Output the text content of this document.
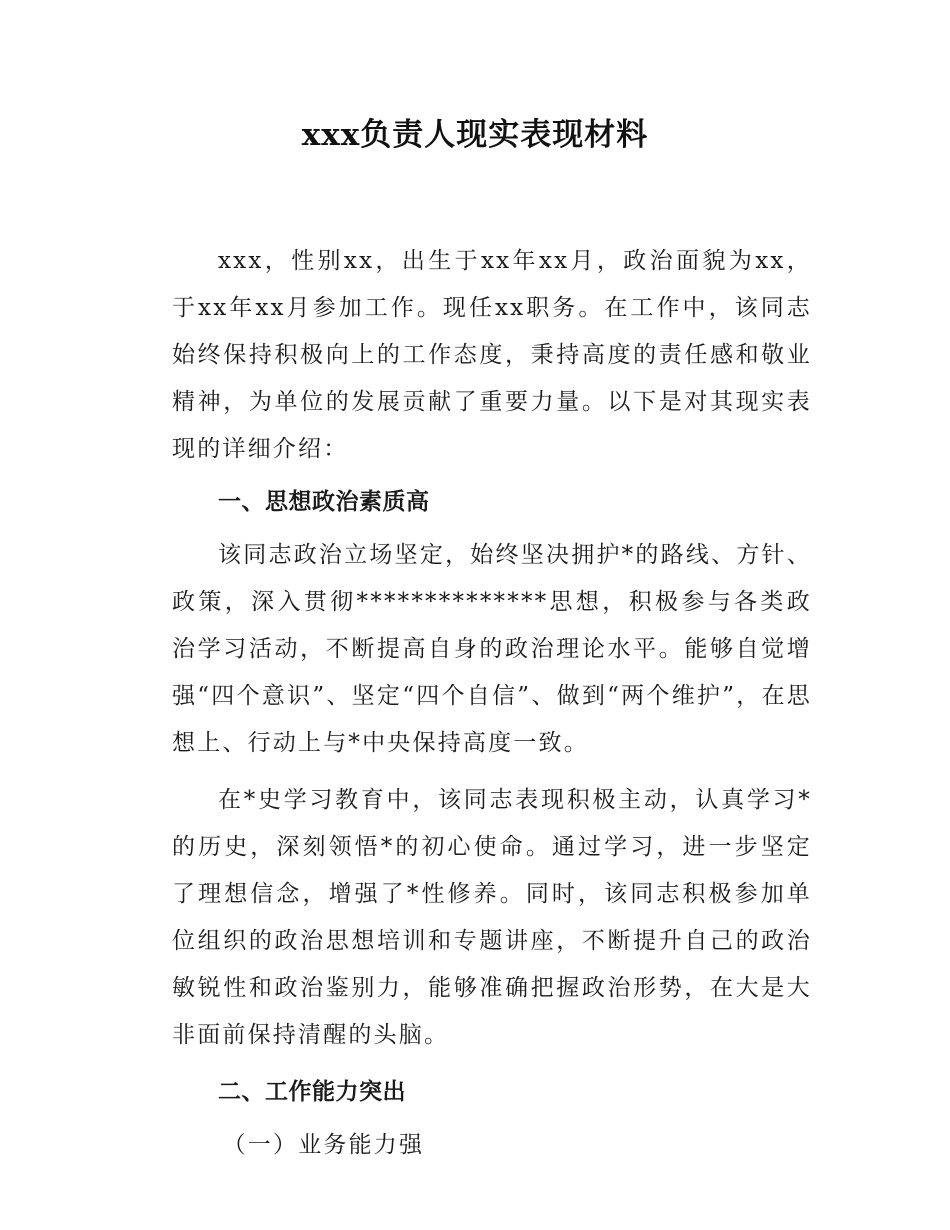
xxx负责人现实表现材料

xxx，性别xx，出生于xx年xx月，政治面貌为xx，于xx年xx月参加工作。现任xx职务。在工作中，该同志始终保持积极向上的工作态度，秉持高度的责任感和敬业精神，为单位的发展贡献了重要力量。以下是对其现实表现的详细介绍：

一、思想政治素质高

该同志政治立场坚定，始终坚决拥护*的路线、方针、政策，深入贯彻**************思想，积极参与各类政治学习活动，不断提高自身的政治理论水平。能够自觉增强“四个意识”、坚定“四个自信”、做到“两个维护”，在思想上、行动上与*中央保持高度一致。

在*史学习教育中，该同志表现积极主动，认真学习*的历史，深刻领悟*的初心使命。通过学习，进一步坚定了理想信念，增强了*性修养。同时，该同志积极参加单位组织的政治思想培训和专题讲座，不断提升自己的政治敏锐性和政治鉴别力，能够准确把握政治形势，在大是大非面前保持清醒的头脑。

二、工作能力突出

（一）业务能力强
